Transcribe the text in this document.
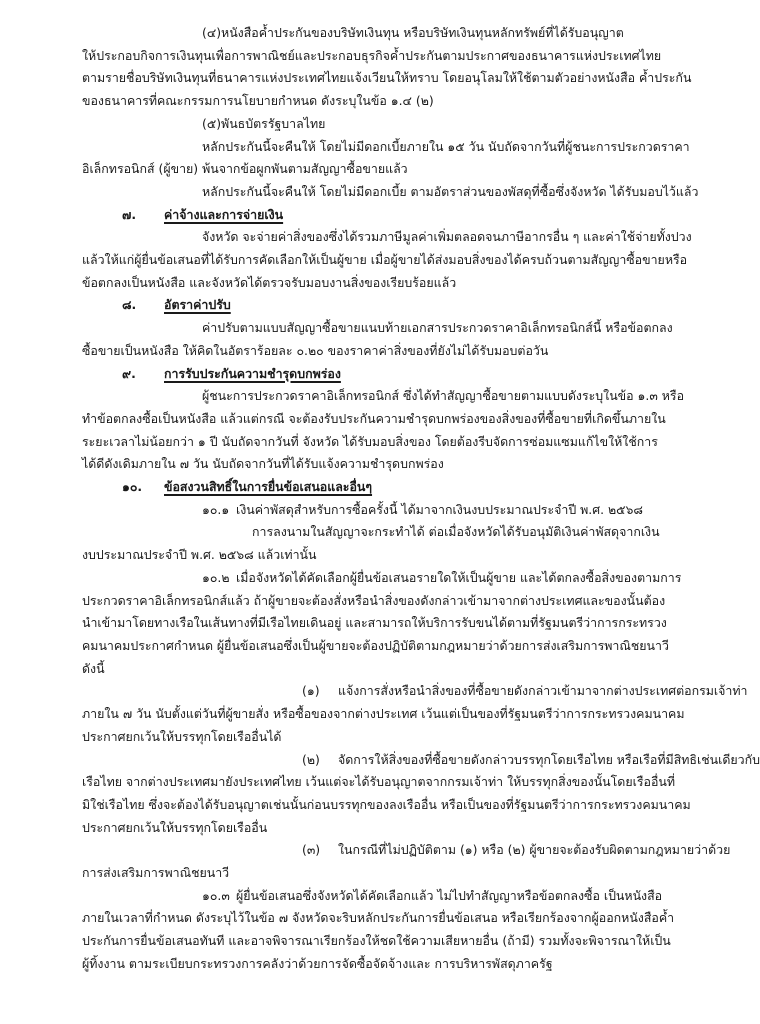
(๔)หนังสือค้ำประกันของบริษัทเงินทุน หรือบริษัทเงินทุนหลักทรัพย์ที่ได้รับอนุญาต
ให้ประกอบกิจการเงินทุนเพื่อการพาณิชย์และประกอบธุรกิจค้ำประกันตามประกาศของธนาคารแห่งประเทศไทย
ตามรายชื่อบริษัทเงินทุนที่ธนาคารแห่งประเทศไทยแจ้งเวียนให้ทราบ โดยอนุโลมให้ใช้ตามตัวอย่างหนังสือ ค้ำประกัน
ของธนาคารที่คณะกรรมการนโยบายกำหนด ดังระบุในข้อ ๑.๔ (๒)
(๕)พันธบัตรรัฐบาลไทย
หลักประกันนี้จะคืนให้ โดยไม่มีดอกเบี้ยภายใน ๑๕ วัน นับถัดจากวันที่ผู้ชนะการประกวดราคา
อิเล็กทรอนิกส์ (ผู้ขาย) พ้นจากข้อผูกพันตามสัญญาซื้อขายแล้ว
หลักประกันนี้จะคืนให้ โดยไม่มีดอกเบี้ย ตามอัตราส่วนของพัสดุที่ซื้อซึ่งจังหวัด ได้รับมอบไว้แล้ว
๗. ค่าจ้างและการจ่ายเงิน
จังหวัด จะจ่ายค่าสิ่งของซึ่งได้รวมภาษีมูลค่าเพิ่มตลอดจนภาษีอากรอื่น ๆ และค่าใช้จ่ายทั้งปวง
แล้วให้แก่ผู้ยื่นข้อเสนอที่ได้รับการคัดเลือกให้เป็นผู้ขาย เมื่อผู้ขายได้ส่งมอบสิ่งของได้ครบถ้วนตามสัญญาซื้อขายหรือ
ข้อตกลงเป็นหนังสือ และจังหวัดได้ตรวจรับมอบงานสิ่งของเรียบร้อยแล้ว
๘. อัตราค่าปรับ
ค่าปรับตามแบบสัญญาซื้อขายแนบท้ายเอกสารประกวดราคาอิเล็กทรอนิกส์นี้ หรือข้อตกลง
ซื้อขายเป็นหนังสือ ให้คิดในอัตราร้อยละ ๐.๒๐ ของราคาค่าสิ่งของที่ยังไม่ได้รับมอบต่อวัน
๙. การรับประกันความชำรุดบกพร่อง
ผู้ชนะการประกวดราคาอิเล็กทรอนิกส์ ซึ่งได้ทำสัญญาซื้อขายตามแบบดังระบุในข้อ ๑.๓ หรือ
ทำข้อตกลงซื้อเป็นหนังสือ แล้วแต่กรณี จะต้องรับประกันความชำรุดบกพร่องของสิ่งของที่ซื้อขายที่เกิดขึ้นภายใน
ระยะเวลาไม่น้อยกว่า ๑ ปี นับถัดจากวันที่ จังหวัด ได้รับมอบสิ่งของ โดยต้องรีบจัดการซ่อมแซมแก้ไขให้ใช้การ
ได้ดีดังเดิมภายใน ๗ วัน นับถัดจากวันที่ได้รับแจ้งความชำรุดบกพร่อง
๑๐. ข้อสงวนสิทธิ์ในการยื่นข้อเสนอและอื่นๆ
๑๐.๑ เงินค่าพัสดุสำหรับการซื้อครั้งนี้ ได้มาจากเงินงบประมาณประจำปี พ.ศ. ๒๕๖๘
การลงนามในสัญญาจะกระทำได้ ต่อเมื่อจังหวัดได้รับอนุมัติเงินค่าพัสดุจากเงิน
งบประมาณประจำปี พ.ศ. ๒๕๖๘ แล้วเท่านั้น
๑๐.๒ เมื่อจังหวัดได้คัดเลือกผู้ยื่นข้อเสนอรายใดให้เป็นผู้ขาย และได้ตกลงซื้อสิ่งของตามการ
ประกวดราคาอิเล็กทรอนิกส์แล้ว ถ้าผู้ขายจะต้องสั่งหรือนำสิ่งของดังกล่าวเข้ามาจากต่างประเทศและของนั้นต้อง
นำเข้ามาโดยทางเรือในเส้นทางที่มีเรือไทยเดินอยู่ และสามารถให้บริการรับขนได้ตามที่รัฐมนตรีว่าการกระทรวง
คมนาคมประกาศกำหนด ผู้ยื่นข้อเสนอซึ่งเป็นผู้ขายจะต้องปฏิบัติตามกฎหมายว่าด้วยการส่งเสริมการพาณิชยนาวี
ดังนี้
(๑) แจ้งการสั่งหรือนำสิ่งของที่ซื้อขายดังกล่าวเข้ามาจากต่างประเทศต่อกรมเจ้าท่า
ภายใน ๗ วัน นับตั้งแต่วันที่ผู้ขายสั่ง หรือซื้อของจากต่างประเทศ เว้นแต่เป็นของที่รัฐมนตรีว่าการกระทรวงคมนาคม
ประกาศยกเว้นให้บรรทุกโดยเรืออื่นได้
(๒) จัดการให้สิ่งของที่ซื้อขายดังกล่าวบรรทุกโดยเรือไทย หรือเรือที่มีสิทธิเช่นเดียวกับ
เรือไทย จากต่างประเทศมายังประเทศไทย เว้นแต่จะได้รับอนุญาตจากกรมเจ้าท่า ให้บรรทุกสิ่งของนั้นโดยเรืออื่นที่
มิใช่เรือไทย ซึ่งจะต้องได้รับอนุญาตเช่นนั้นก่อนบรรทุกของลงเรืออื่น หรือเป็นของที่รัฐมนตรีว่าการกระทรวงคมนาคม
ประกาศยกเว้นให้บรรทุกโดยเรืออื่น
(๓) ในกรณีที่ไม่ปฏิบัติตาม (๑) หรือ (๒) ผู้ขายจะต้องรับผิดตามกฎหมายว่าด้วย
การส่งเสริมการพาณิชยนาวี
๑๐.๓ ผู้ยื่นข้อเสนอซึ่งจังหวัดได้คัดเลือกแล้ว ไม่ไปทำสัญญาหรือข้อตกลงซื้อ เป็นหนังสือ
ภายในเวลาที่กำหนด ดังระบุไว้ในข้อ ๗ จังหวัดจะริบหลักประกันการยื่นข้อเสนอ หรือเรียกร้องจากผู้ออกหนังสือค้ำ
ประกันการยื่นข้อเสนอทันที และอาจพิจารณาเรียกร้องให้ชดใช้ความเสียหายอื่น (ถ้ามี) รวมทั้งจะพิจารณาให้เป็น
ผู้ทิ้งงาน ตามระเบียบกระทรวงการคลังว่าด้วยการจัดซื้อจัดจ้างและ การบริหารพัสดุภาครัฐ
